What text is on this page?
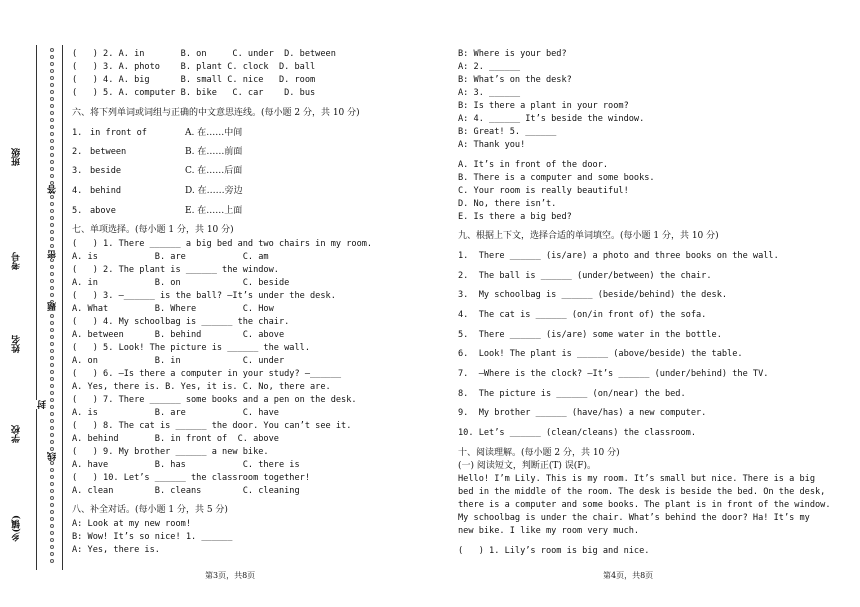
班级
考号
姓名
学校
乡(镇)
答
密
题
封
线
(   ) 2. A. in       B. on     C. under  D. between
(   ) 3. A. photo    B. plant C. clock  D. ball
(   ) 4. A. big      B. small C. nice   D. room
(   ) 5. A. computer B. bike   C. car    D. bus
六、将下列单词或词组与正确的中文意思连线。(每小题 2 分，共 10 分)
1. in front of	A. 在……中间
2. between	B. 在……前面
3. beside	C. 在……后面
4. behind	D. 在……旁边
5. above	E. 在……上面
七、单项选择。(每小题 1 分，共 10 分)
(   ) 1. There ______ a big bed and two chairs in my room.
A. is           B. are           C. am
(   ) 2. The plant is ______ the window.
A. in           B. on            C. beside
(   ) 3. —______ is the ball? —It’s under the desk.
A. What         B. Where         C. How
(   ) 4. My schoolbag is ______ the chair.
A. between      B. behind        C. above
(   ) 5. Look! The picture is ______ the wall.
A. on           B. in            C. under
(   ) 6. —Is there a computer in your study? —______
A. Yes, there is. B. Yes, it is. C. No, there are.
(   ) 7. There ______ some books and a pen on the desk.
A. is           B. are           C. have
(   ) 8. The cat is ______ the door. You can’t see it.
A. behind       B. in front of  C. above
(   ) 9. My brother ______ a new bike.
A. have         B. has           C. there is
(   ) 10. Let’s ______ the classroom together!
A. clean        B. cleans        C. cleaning
八、补全对话。(每小题 1 分，共 5 分)
A: Look at my new room!
B: Wow! It’s so nice! 1. ______
A: Yes, there is.
第3页，共8页
B: Where is your bed?
A: 2. ______
B: What’s on the desk?
A: 3. ______
B: Is there a plant in your room?
A: 4. ______ It’s beside the window.
B: Great! 5. ______
A: Thank you!
A. It’s in front of the door.
B. There is a computer and some books.
C. Your room is really beautiful!
D. No, there isn’t.
E. Is there a big bed?
九、根据上下文，选择合适的单词填空。(每小题 1 分，共 10 分)
1.  There ______ (is/are) a photo and three books on the wall.
2.  The ball is ______ (under/between) the chair.
3.  My schoolbag is ______ (beside/behind) the desk.
4.  The cat is ______ (on/in front of) the sofa.
5.  There ______ (is/are) some water in the bottle.
6.  Look! The plant is ______ (above/beside) the table.
7.  —Where is the clock? —It’s ______ (under/behind) the TV.
8.  The picture is ______ (on/near) the bed.
9.  My brother ______ (have/has) a new computer.
10. Let’s ______ (clean/cleans) the classroom.
十、阅读理解。(每小题 2 分，共 10 分)
(一) 阅读短文，判断正(T) 误(F)。
Hello! I’m Lily. This is my room. It’s small but nice. There is a big
bed in the middle of the room. The desk is beside the bed. On the desk,
there is a computer and some books. The plant is in front of the window.
My schoolbag is under the chair. What’s behind the door? Ha! It’s my
new bike. I like my room very much.
(   ) 1. Lily’s room is big and nice.
第4页，共8页
